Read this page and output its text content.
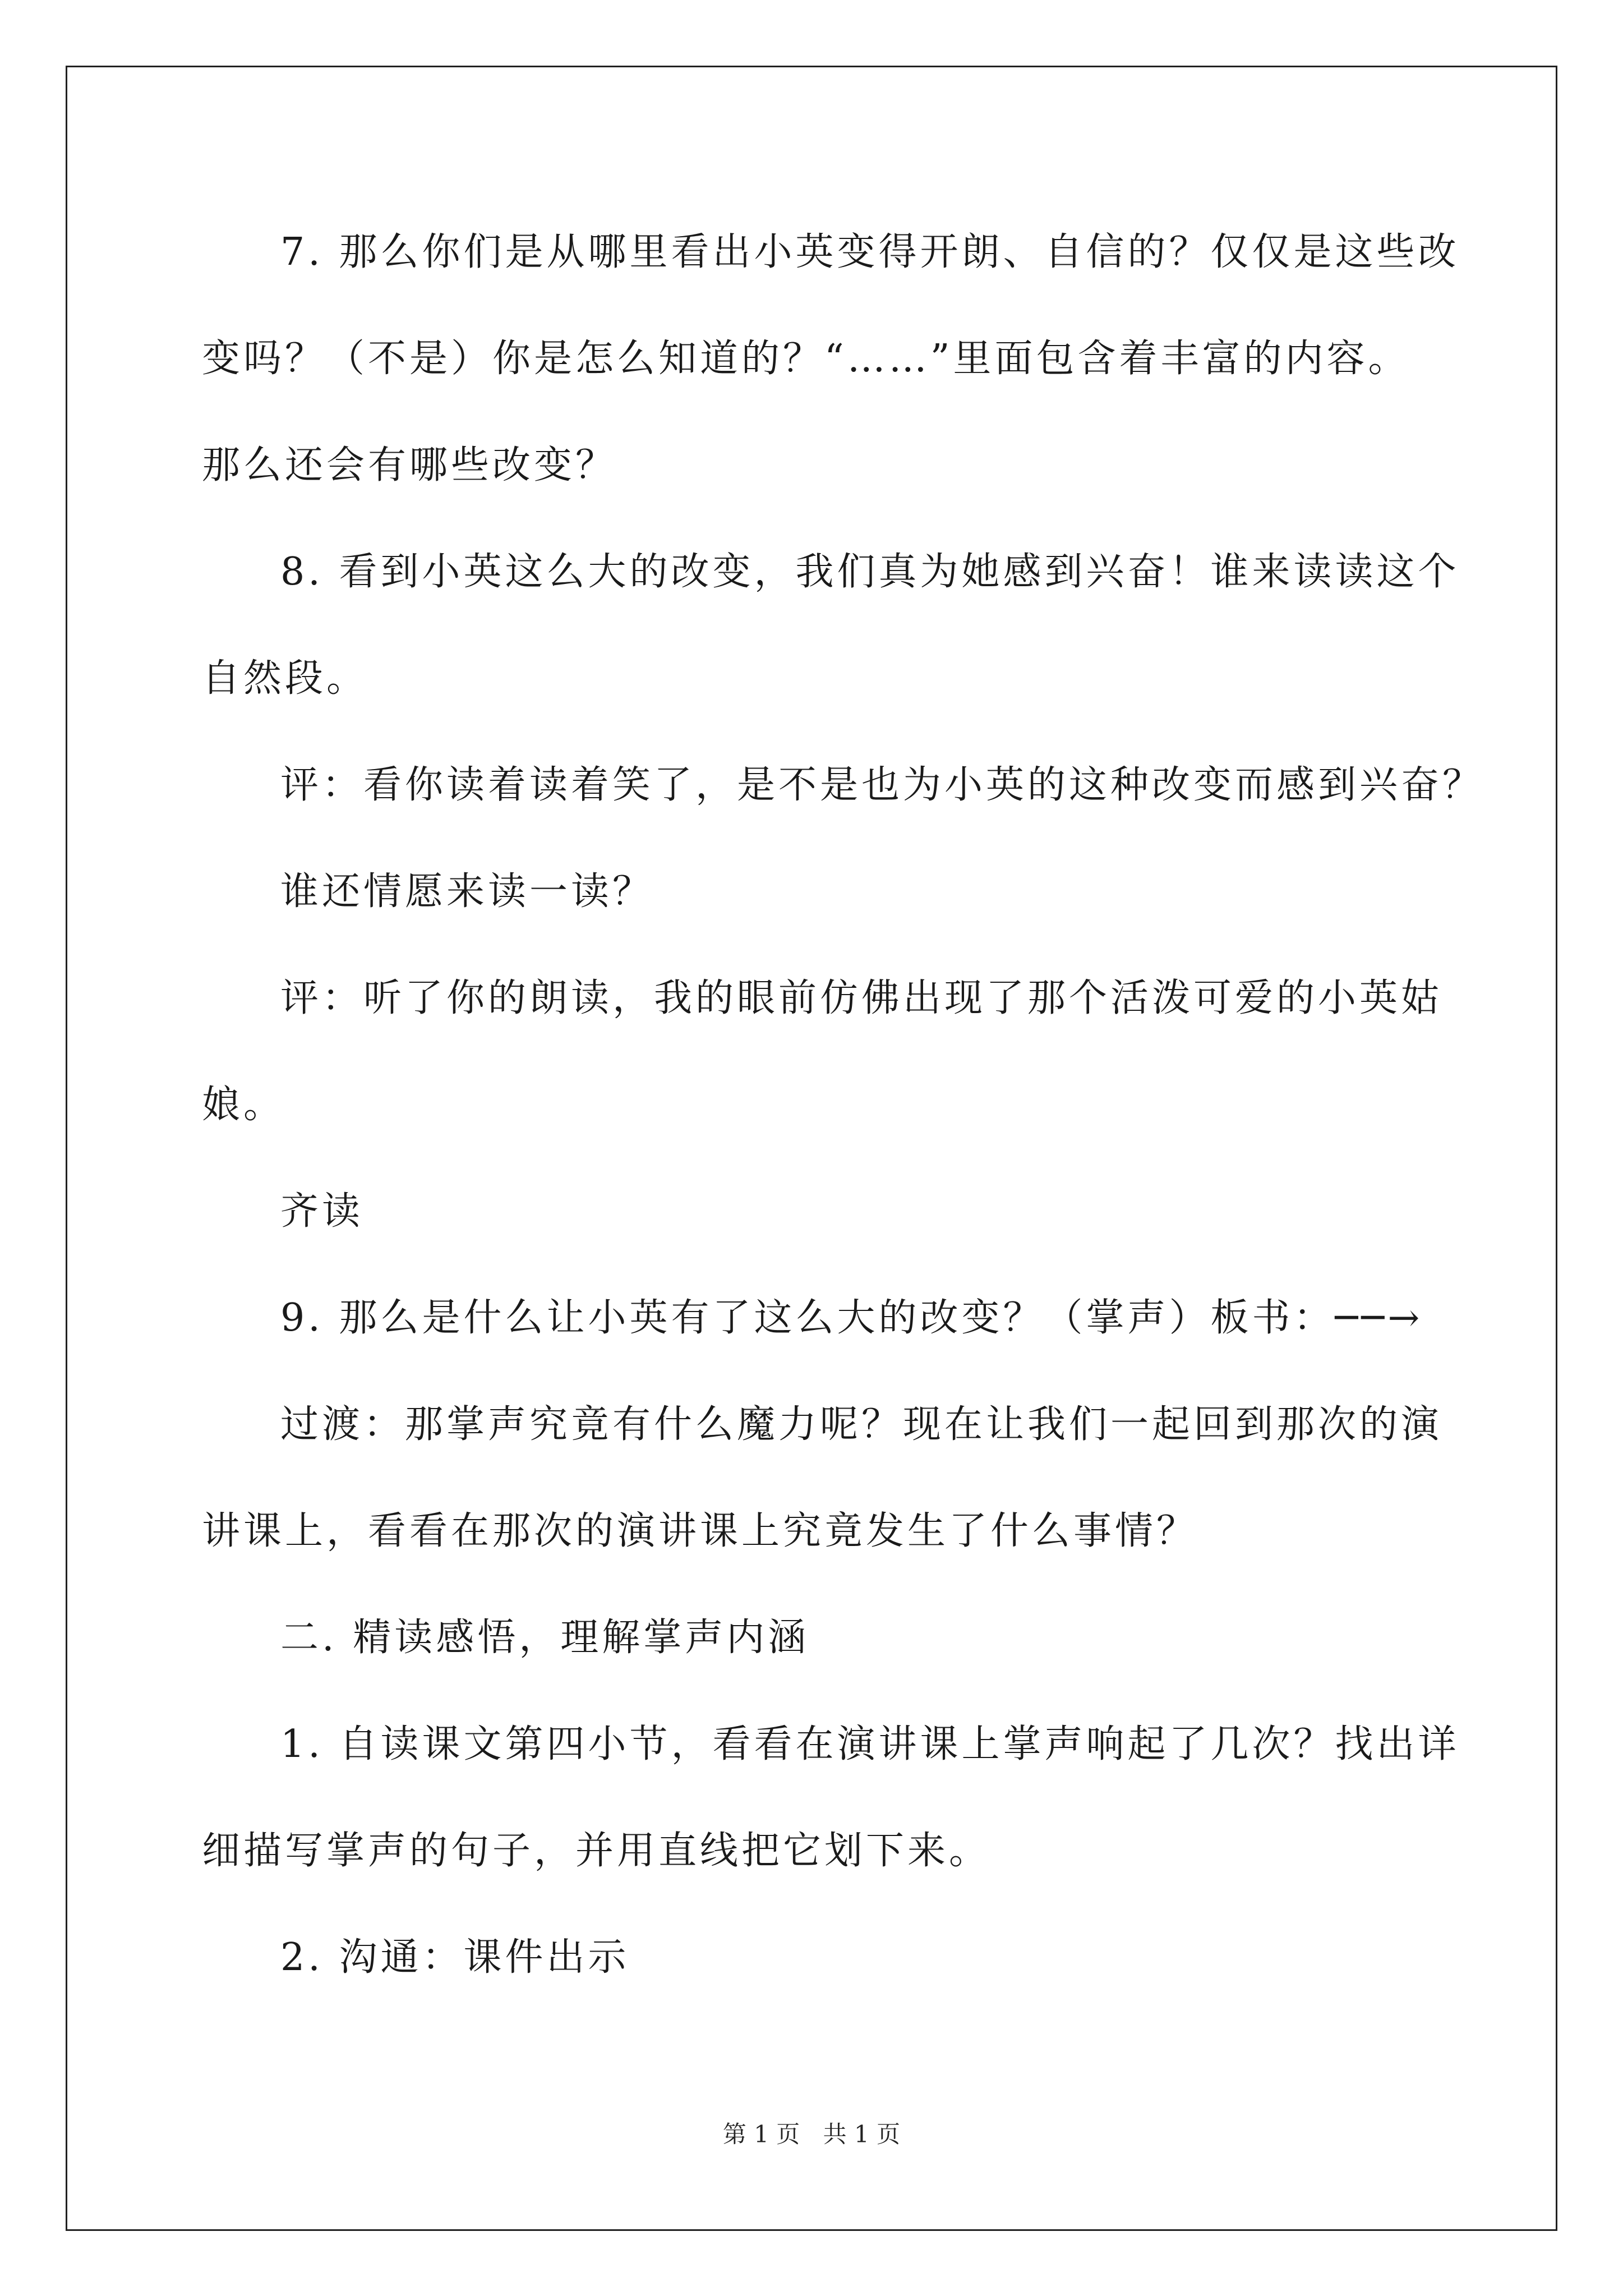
7. 那么你们是从哪里看出小英变得开朗、自信的？仅仅是这些改
变吗？（不是）你是怎么知道的？“……”里面包含着丰富的内容。
那么还会有哪些改变？
8. 看到小英这么大的改变，我们真为她感到兴奋！谁来读读这个
自然段。
评：看你读着读着笑了，是不是也为小英的这种改变而感到兴奋？
谁还情愿来读一读？
评：听了你的朗读，我的眼前仿佛出现了那个活泼可爱的小英姑
娘。
齐读
9. 那么是什么让小英有了这么大的改变？（掌声）板书：──→
过渡：那掌声究竟有什么魔力呢？现在让我们一起回到那次的演
讲课上，看看在那次的演讲课上究竟发生了什么事情？
二. 精读感悟，理解掌声内涵
1. 自读课文第四小节，看看在演讲课上掌声响起了几次？找出详
细描写掌声的句子，并用直线把它划下来。
2. 沟通：课件出示
第 1 页 共 1 页
